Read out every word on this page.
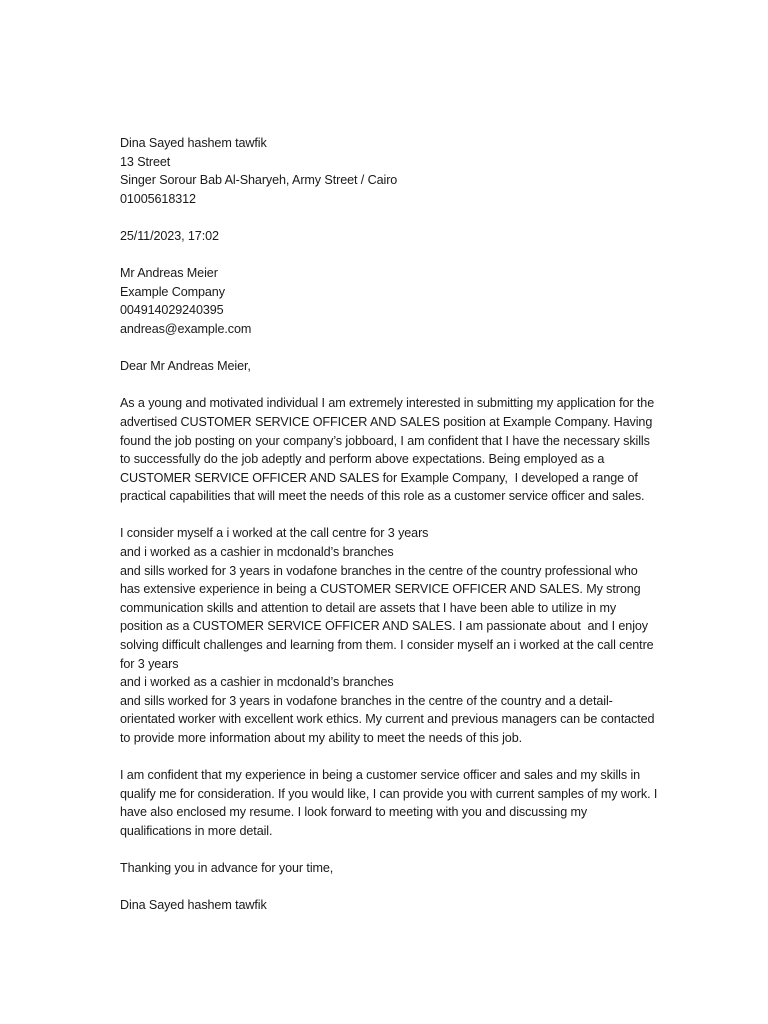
Dina Sayed hashem tawfik
13 Street
Singer Sorour Bab Al-Sharyeh, Army Street / Cairo
01005618312
25/11/2023, 17:02
Mr Andreas Meier
Example Company
004914029240395
andreas@example.com
Dear Mr Andreas Meier,
As a young and motivated individual I am extremely interested in submitting my application for the
advertised CUSTOMER SERVICE OFFICER AND SALES position at Example Company. Having
found the job posting on your company’s jobboard, I am confident that I have the necessary skills
to successfully do the job adeptly and perform above expectations. Being employed as a
CUSTOMER SERVICE OFFICER AND SALES for Example Company,  I developed a range of
practical capabilities that will meet the needs of this role as a customer service officer and sales.
I consider myself a i worked at the call centre for 3 years
and i worked as a cashier in mcdonald’s branches
and sills worked for 3 years in vodafone branches in the centre of the country professional who
has extensive experience in being a CUSTOMER SERVICE OFFICER AND SALES. My strong
communication skills and attention to detail are assets that I have been able to utilize in my
position as a CUSTOMER SERVICE OFFICER AND SALES. I am passionate about  and I enjoy
solving difficult challenges and learning from them. I consider myself an i worked at the call centre
for 3 years
and i worked as a cashier in mcdonald’s branches
and sills worked for 3 years in vodafone branches in the centre of the country and a detail-
orientated worker with excellent work ethics. My current and previous managers can be contacted
to provide more information about my ability to meet the needs of this job.
I am confident that my experience in being a customer service officer and sales and my skills in
qualify me for consideration. If you would like, I can provide you with current samples of my work. I
have also enclosed my resume. I look forward to meeting with you and discussing my
qualifications in more detail.
Thanking you in advance for your time,
Dina Sayed hashem tawfik
